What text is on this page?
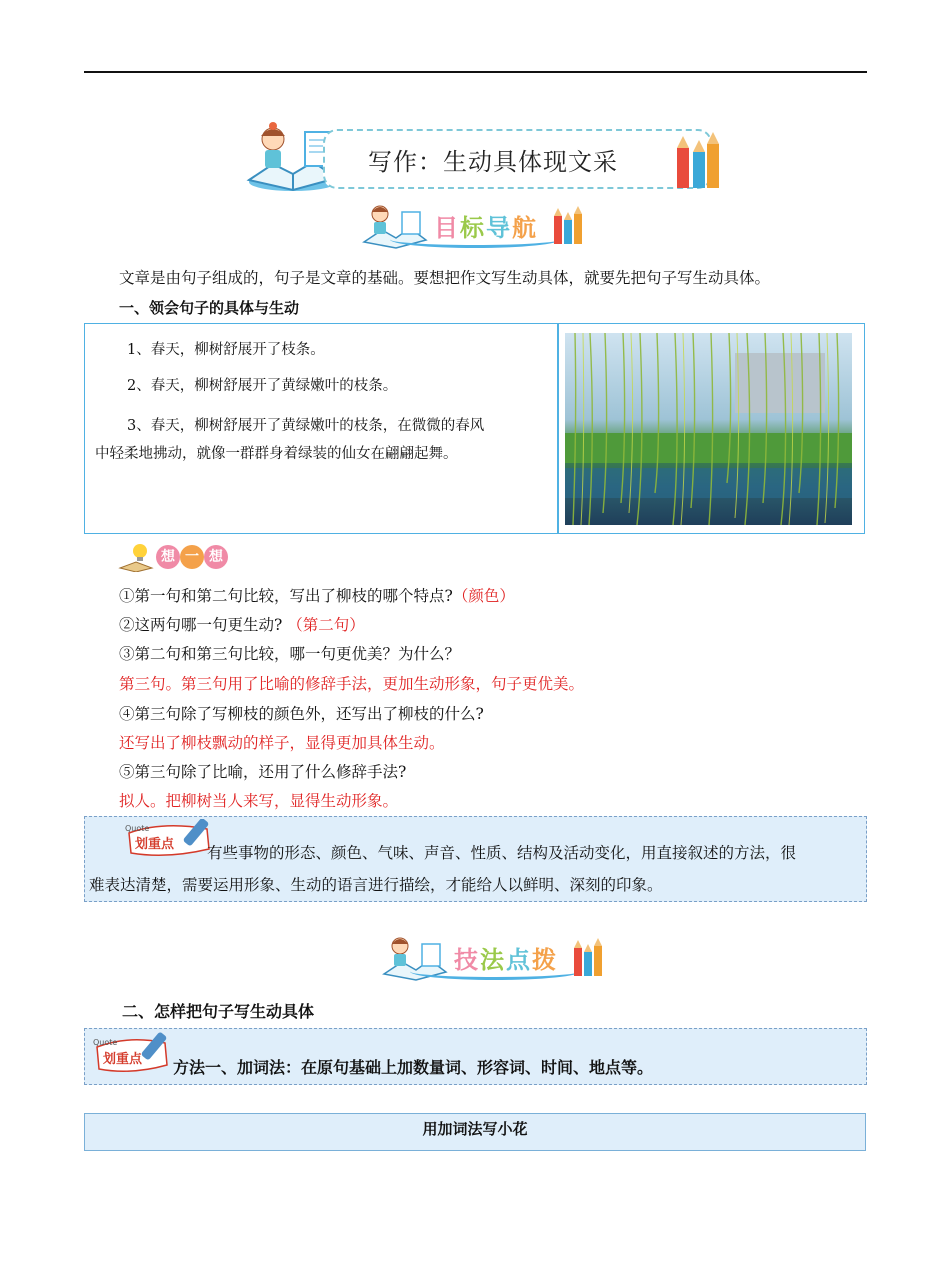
写作：生动具体现文采
目标导航

文章是由句子组成的，句子是文章的基础。要想把作文写生动具体，就要先把句子写生动具体。

一、领会句子的具体与生动

1、春天，柳树舒展开了枝条。
2、春天，柳树舒展开了黄绿嫩叶的枝条。
3、春天，柳树舒展开了黄绿嫩叶的枝条，在微微的春风
中轻柔地拂动，就像一群群身着绿装的仙女在翩翩起舞。
想 一 想

①第一句和第二句比较，写出了柳枝的哪个特点?（颜色）

②这两句哪一句更生动? （第二句）

③第二句和第三句比较，哪一句更优美？为什么？

第三句。第三句用了比喻的修辞手法，更加生动形象，句子更优美。

④第三句除了写柳枝的颜色外，还写出了柳枝的什么?

还写出了柳枝飘动的样子，显得更加具体生动。

⑤第三句除了比喻，还用了什么修辞手法?

拟人。把柳树当人来写，显得生动形象。

Quote
划重点 有些事物的形态、颜色、气味、声音、性质、结构及活动变化，用直接叙述的方法，很
难表达清楚，需要运用形象、生动的语言进行描绘，才能给人以鲜明、深刻的印象。
技法点拨

二、怎样把句子写生动具体

Quote
划重点 方法一、加词法：在原句基础上加数量词、形容词、时间、地点等。
用加词法写小花
